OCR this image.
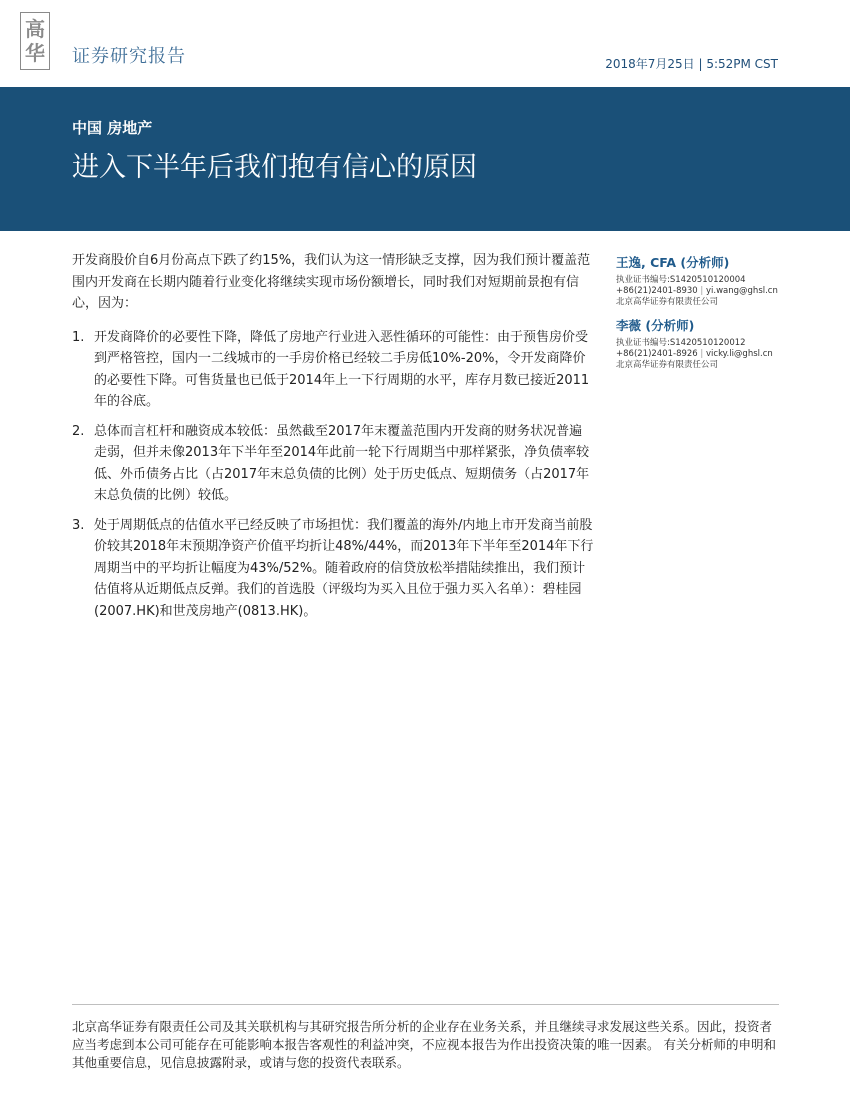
高
华 证券研究报告	2018年7月25日 | 5:52PM CST
中国 房地产
进入下半年后我们抱有信心的原因

开发商股价自6月份高点下跌了约15%，我们认为这一情形缺乏支撑，因为我们预计覆盖范围内开发商在长期内随着行业变化将继续实现市场份额增长，同时我们对短期前景抱有信心，因为：

1. 开发商降价的必要性下降，降低了房地产行业进入恶性循环的可能性：由于预售房价受到严格管控，国内一二线城市的一手房价格已经较二手房低10%-20%，令开发商降价的必要性下降。可售货量也已低于2014年上一下行周期的水平，库存月数已接近2011年的谷底。
2. 总体而言杠杆和融资成本较低：虽然截至2017年末覆盖范围内开发商的财务状况普遍走弱，但并未像2013年下半年至2014年此前一轮下行周期当中那样紧张，净负债率较低、外币债务占比（占2017年末总负债的比例）处于历史低点、短期债务（占2017年末总负债的比例）较低。
3. 处于周期低点的估值水平已经反映了市场担忧：我们覆盖的海外/内地上市开发商当前股价较其2018年末预期净资产价值平均折让48%/44%，而2013年下半年至2014年下行周期当中的平均折让幅度为43%/52%。随着政府的信贷放松举措陆续推出，我们预计估值将从近期低点反弹。我们的首选股（评级均为买入且位于强力买入名单）：碧桂园(2007.HK)和世茂房地产(0813.HK)。
王逸, CFA (分析师)
执业证书编号:S1420510120004
+86(21)2401-8930 | yi.wang@ghsl.cn
北京高华证券有限责任公司
李薇 (分析师)
执业证书编号:S1420510120012
+86(21)2401-8926 | vicky.li@ghsl.cn
北京高华证券有限责任公司
北京高华证券有限责任公司及其关联机构与其研究报告所分析的企业存在业务关系，并且继续寻求发展这些关系。因此，投资者应当考虑到本公司可能存在可能影响本报告客观性的利益冲突，不应视本报告为作出投资决策的唯一因素。 有关分析师的申明和其他重要信息，见信息披露附录，或请与您的投资代表联系。
